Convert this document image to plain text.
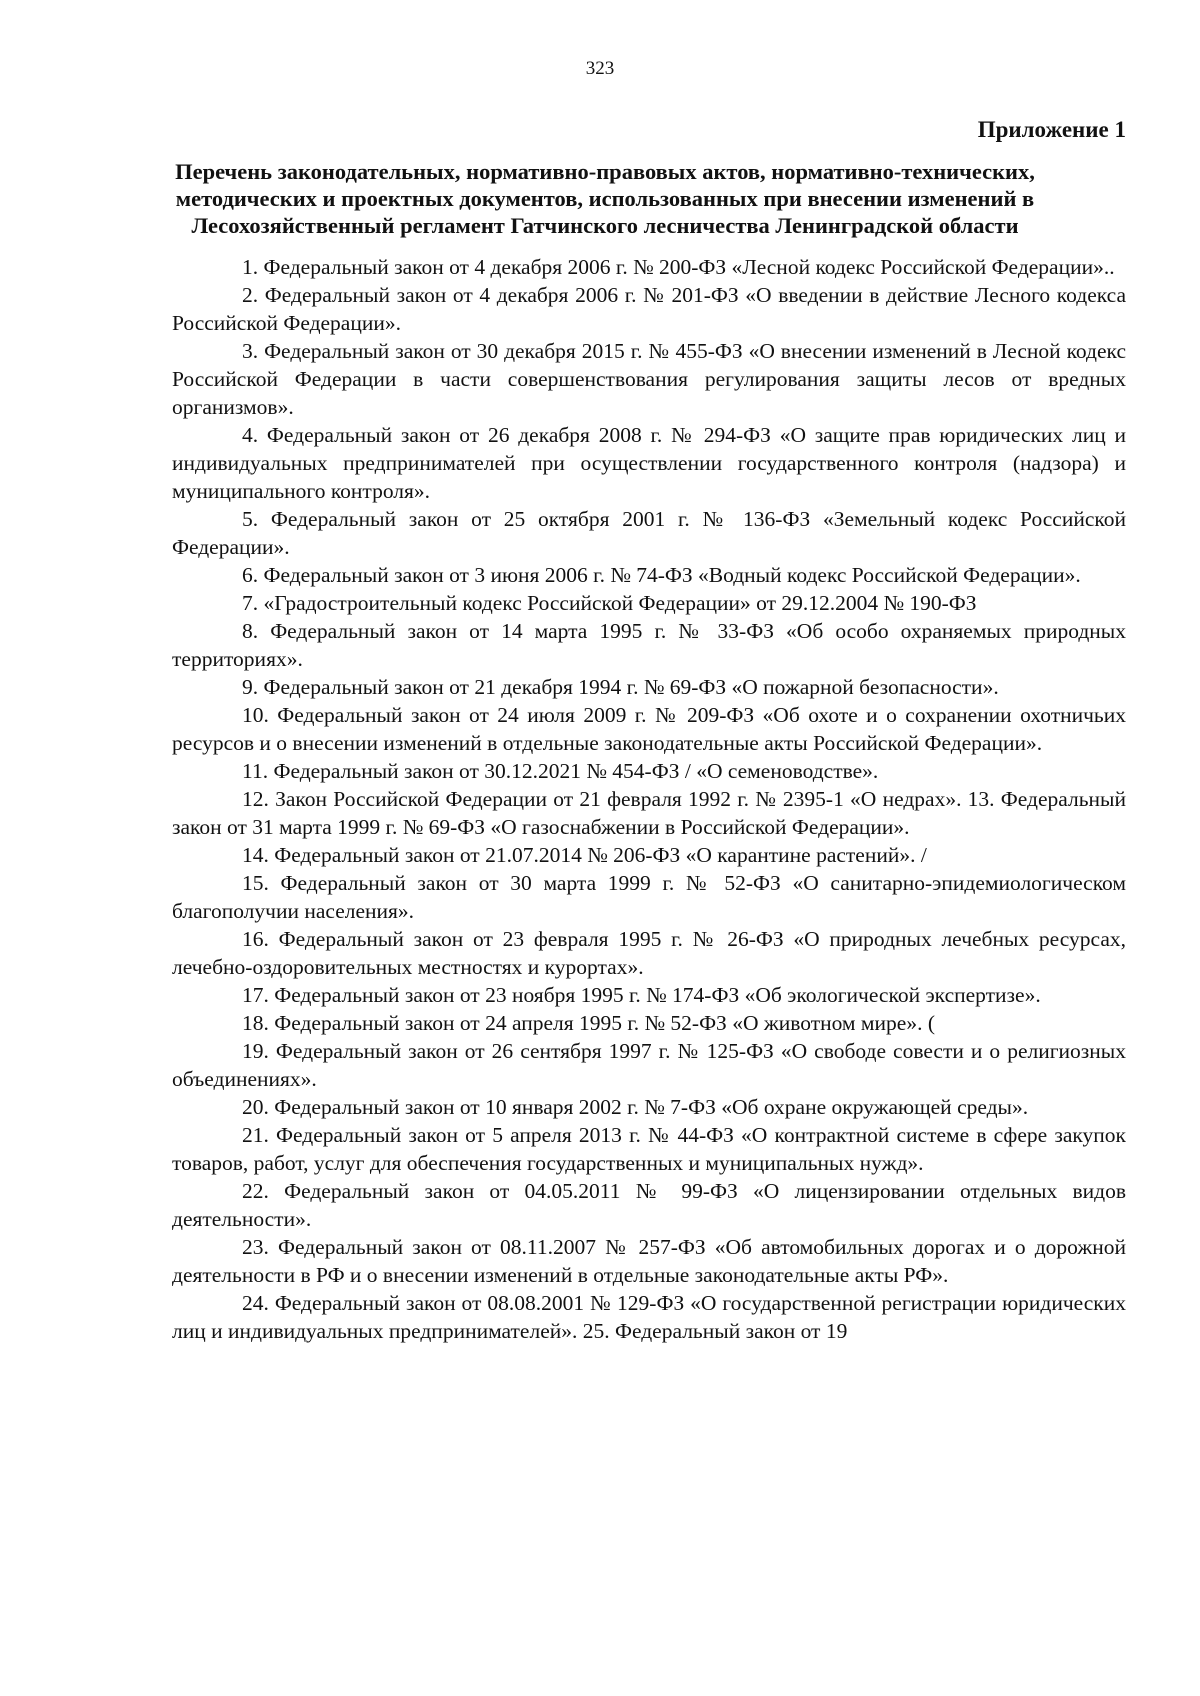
323
Приложение 1
Перечень законодательных, нормативно-правовых актов, нормативно-технических,
методических и проектных документов, использованных при внесении изменений в
Лесохозяйственный регламент Гатчинского лесничества Ленинградской области

1. Федеральный закон от 4 декабря 2006 г. № 200-ФЗ «Лесной кодекс Российской Федерации»..

2. Федеральный закон от 4 декабря 2006 г. № 201-ФЗ «О введении в действие Лесного кодекса Российской Федерации».

3. Федеральный закон от 30 декабря 2015 г. № 455-ФЗ «О внесении изменений в Лесной кодекс Российской Федерации в части совершенствования регулирования защиты лесов от вредных организмов».

4. Федеральный закон от 26 декабря 2008 г. № 294-ФЗ «О защите прав юридических лиц и индивидуальных предпринимателей при осуществлении государственного контроля (надзора) и муниципального контроля».

5. Федеральный закон от 25 октября 2001 г. № 136-ФЗ «Земельный кодекс Российской Федерации».

6. Федеральный закон от 3 июня 2006 г. № 74-ФЗ «Водный кодекс Российской Федерации».

7. «Градостроительный кодекс Российской Федерации» от 29.12.2004 № 190-ФЗ

8. Федеральный закон от 14 марта 1995 г. № 33-ФЗ «Об особо охраняемых природных территориях».

9. Федеральный закон от 21 декабря 1994 г. № 69-ФЗ «О пожарной безопасности».

10. Федеральный закон от 24 июля 2009 г. № 209-ФЗ «Об охоте и о сохранении охотничьих ресурсов и о внесении изменений в отдельные законодательные акты Российской Федерации».

11. Федеральный закон от 30.12.2021 № 454-ФЗ / «О семеноводстве».

12. Закон Российской Федерации от 21 февраля 1992 г. № 2395-1 «О недрах». 13. Федеральный закон от 31 марта 1999 г. № 69-ФЗ «О газоснабжении в Российской Федерации».

14. Федеральный закон от 21.07.2014 № 206-ФЗ «О карантине растений». /

15. Федеральный закон от 30 марта 1999 г. № 52-ФЗ «О санитарно-эпидемиологическом благополучии населения».

16. Федеральный закон от 23 февраля 1995 г. № 26-ФЗ «О природных лечебных ресурсах, лечебно-оздоровительных местностях и курортах».

17. Федеральный закон от 23 ноября 1995 г. № 174-ФЗ «Об экологической экспертизе».

18. Федеральный закон от 24 апреля 1995 г. № 52-ФЗ «О животном мире». (

19. Федеральный закон от 26 сентября 1997 г. № 125-ФЗ «О свободе совести и о религиозных объединениях».

20. Федеральный закон от 10 января 2002 г. № 7-ФЗ «Об охране окружающей среды».

21. Федеральный закон от 5 апреля 2013 г. № 44-ФЗ «О контрактной системе в сфере закупок товаров, работ, услуг для обеспечения государственных и муниципальных нужд».

22. Федеральный закон от 04.05.2011 № 99-ФЗ «О лицензировании отдельных видов деятельности».

23. Федеральный закон от 08.11.2007 № 257-ФЗ «Об автомобильных дорогах и о дорожной деятельности в РФ и о внесении изменений в отдельные законодательные акты РФ».

24. Федеральный закон от 08.08.2001 № 129-ФЗ «О государственной регистрации юридических лиц и индивидуальных предпринимателей». 25. Федеральный закон от 19
